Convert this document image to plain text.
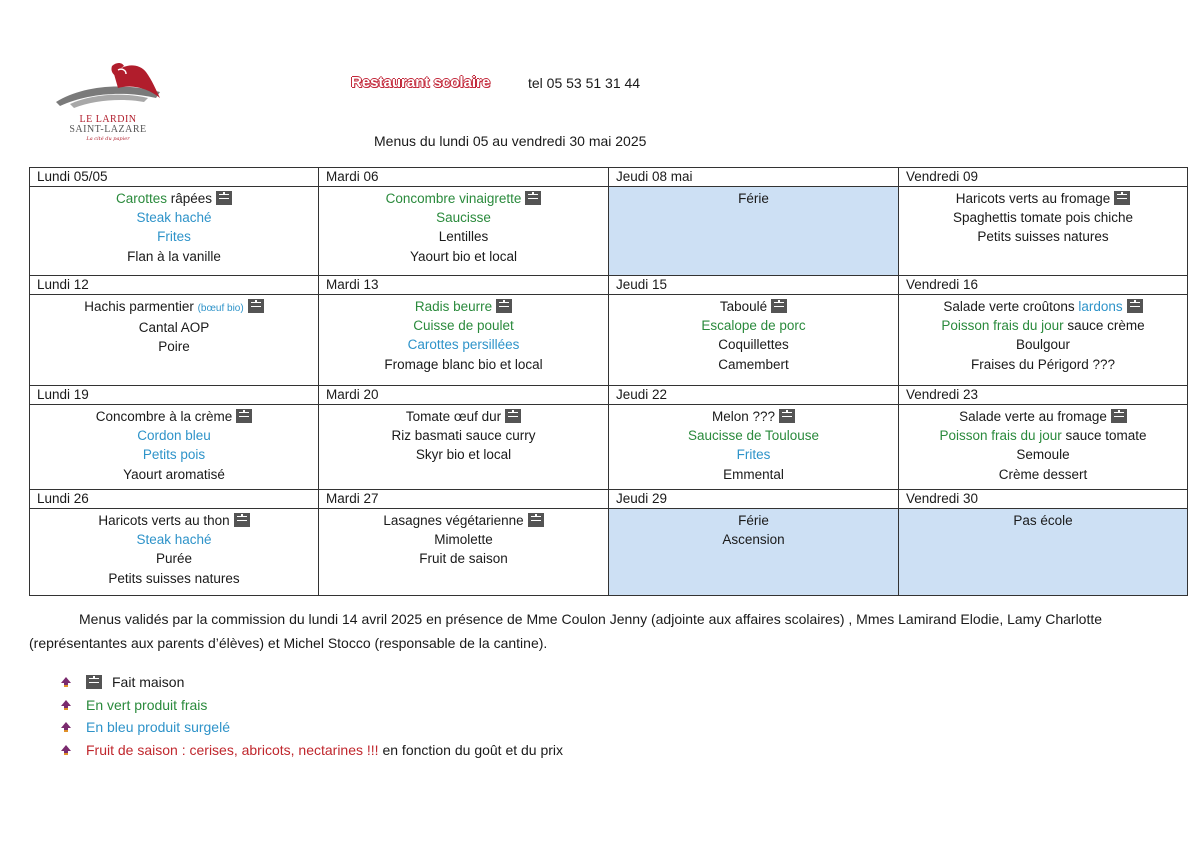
LE LARDIN
SAINT-LAZARE
La cité du papier
Restaurant scolaire	tel 05 53 51 31 44
Menus du lundi 05 au vendredi 30 mai 2025
Lundi 05/05	Mardi 06	Jeudi 08 mai	Vendredi 09

Carottes râpées
Steak haché
Frites
Flan à la vanille	Concombre vinaigrette
Saucisse
Lentilles
Yaourt bio et local	Férie	Haricots verts au fromage
Spaghettis tomate pois chiche
Petits suisses natures

Lundi 12	Mardi 13	Jeudi 15	Vendredi 16

Hachis parmentier (bœuf bio)
Cantal AOP
Poire	Radis beurre
Cuisse de poulet
Carottes persillées
Fromage blanc bio et local	Taboulé
Escalope de porc
Coquillettes
Camembert	Salade verte croûtons lardons
Poisson frais du jour sauce crème
Boulgour
Fraises du Périgord ???

Lundi 19	Mardi 20	Jeudi 22	Vendredi 23

Concombre à la crème
Cordon bleu
Petits pois
Yaourt aromatisé	Tomate œuf dur
Riz basmati sauce curry
Skyr bio et local	Melon ???
Saucisse de Toulouse
Frites
Emmental	Salade verte au fromage
Poisson frais du jour sauce tomate
Semoule
Crème dessert

Lundi 26	Mardi 27	Jeudi 29	Vendredi 30

Haricots verts au thon
Steak haché
Purée
Petits suisses natures	Lasagnes végétarienne
Mimolette
Fruit de saison	Férie
Ascension	Pas école
Menus validés par la commission du lundi 14 avril 2025 en présence de Mme Coulon Jenny (adjointe aux affaires scolaires) , Mmes Lamirand Elodie, Lamy Charlotte (représentantes aux parents d’élèves) et Michel Stocco (responsable de la cantine).
Fait maison
En vert produit frais
En bleu produit surgelé
Fruit de saison : cerises, abricots, nectarines !!! en fonction du goût et du prix
